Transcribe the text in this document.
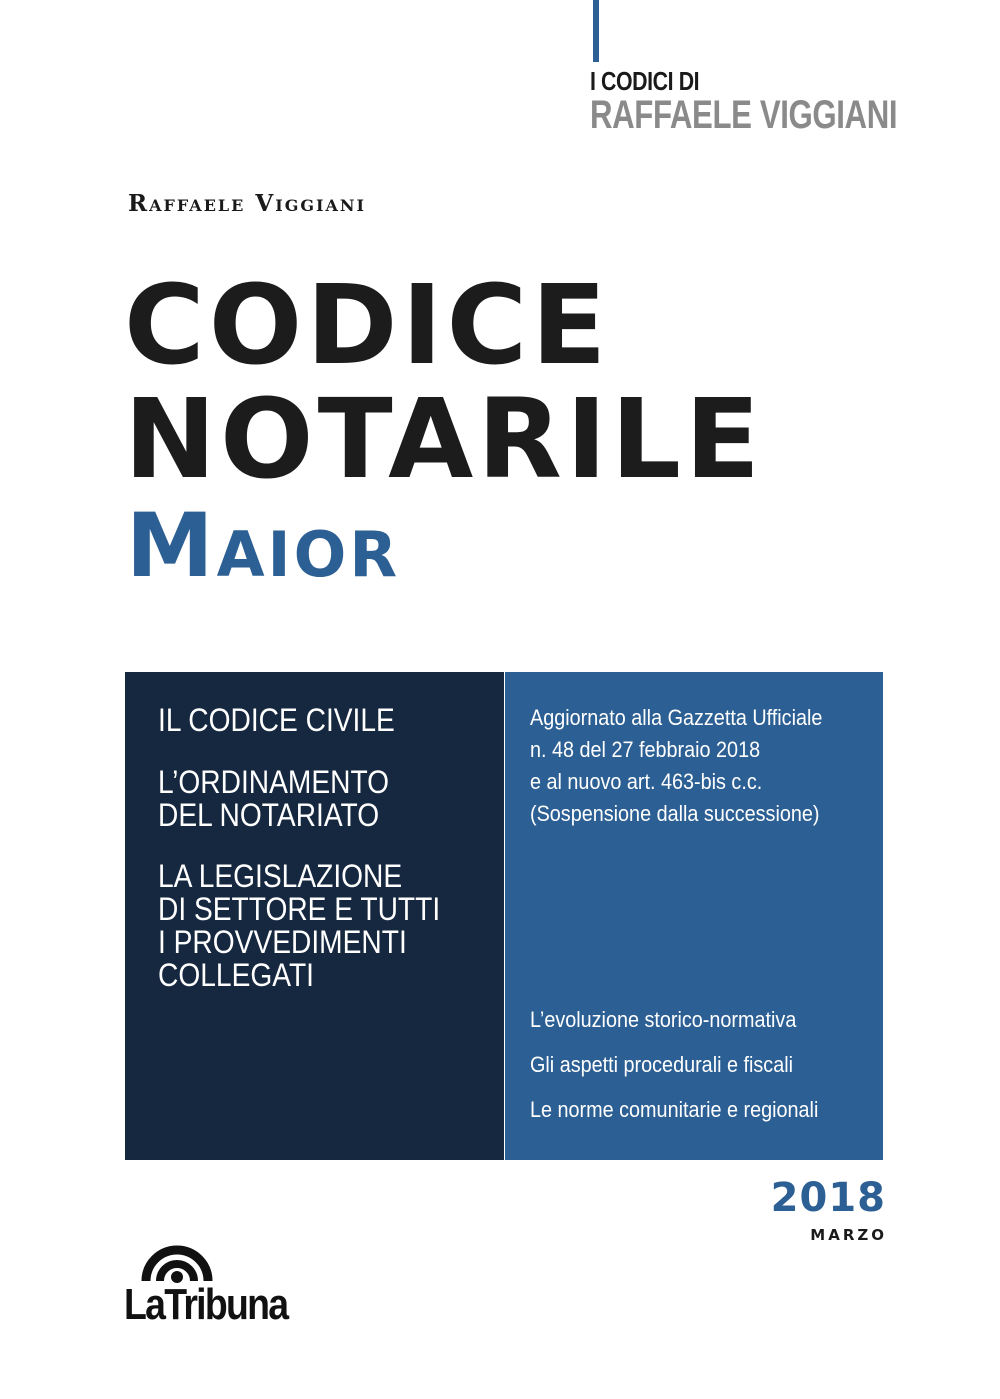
I CODICI DI
RAFFAELE VIGGIANI
Raffaele Viggiani
CODICE
NOTARILE
Maior
IL CODICE CIVILE
L’ORDINAMENTO
DEL NOTARIATO
LA LEGISLAZIONE
DI SETTORE E TUTTI
I PROVVEDIMENTI
COLLEGATI
Aggiornato alla Gazzetta Ufficiale
n. 48 del 27 febbraio 2018
e al nuovo art. 463-bis c.c.
(Sospensione dalla successione)
L’evoluzione storico-normativa
Gli aspetti procedurali e fiscali
Le norme comunitarie e regionali
2018
MARZO
LaTribuna
